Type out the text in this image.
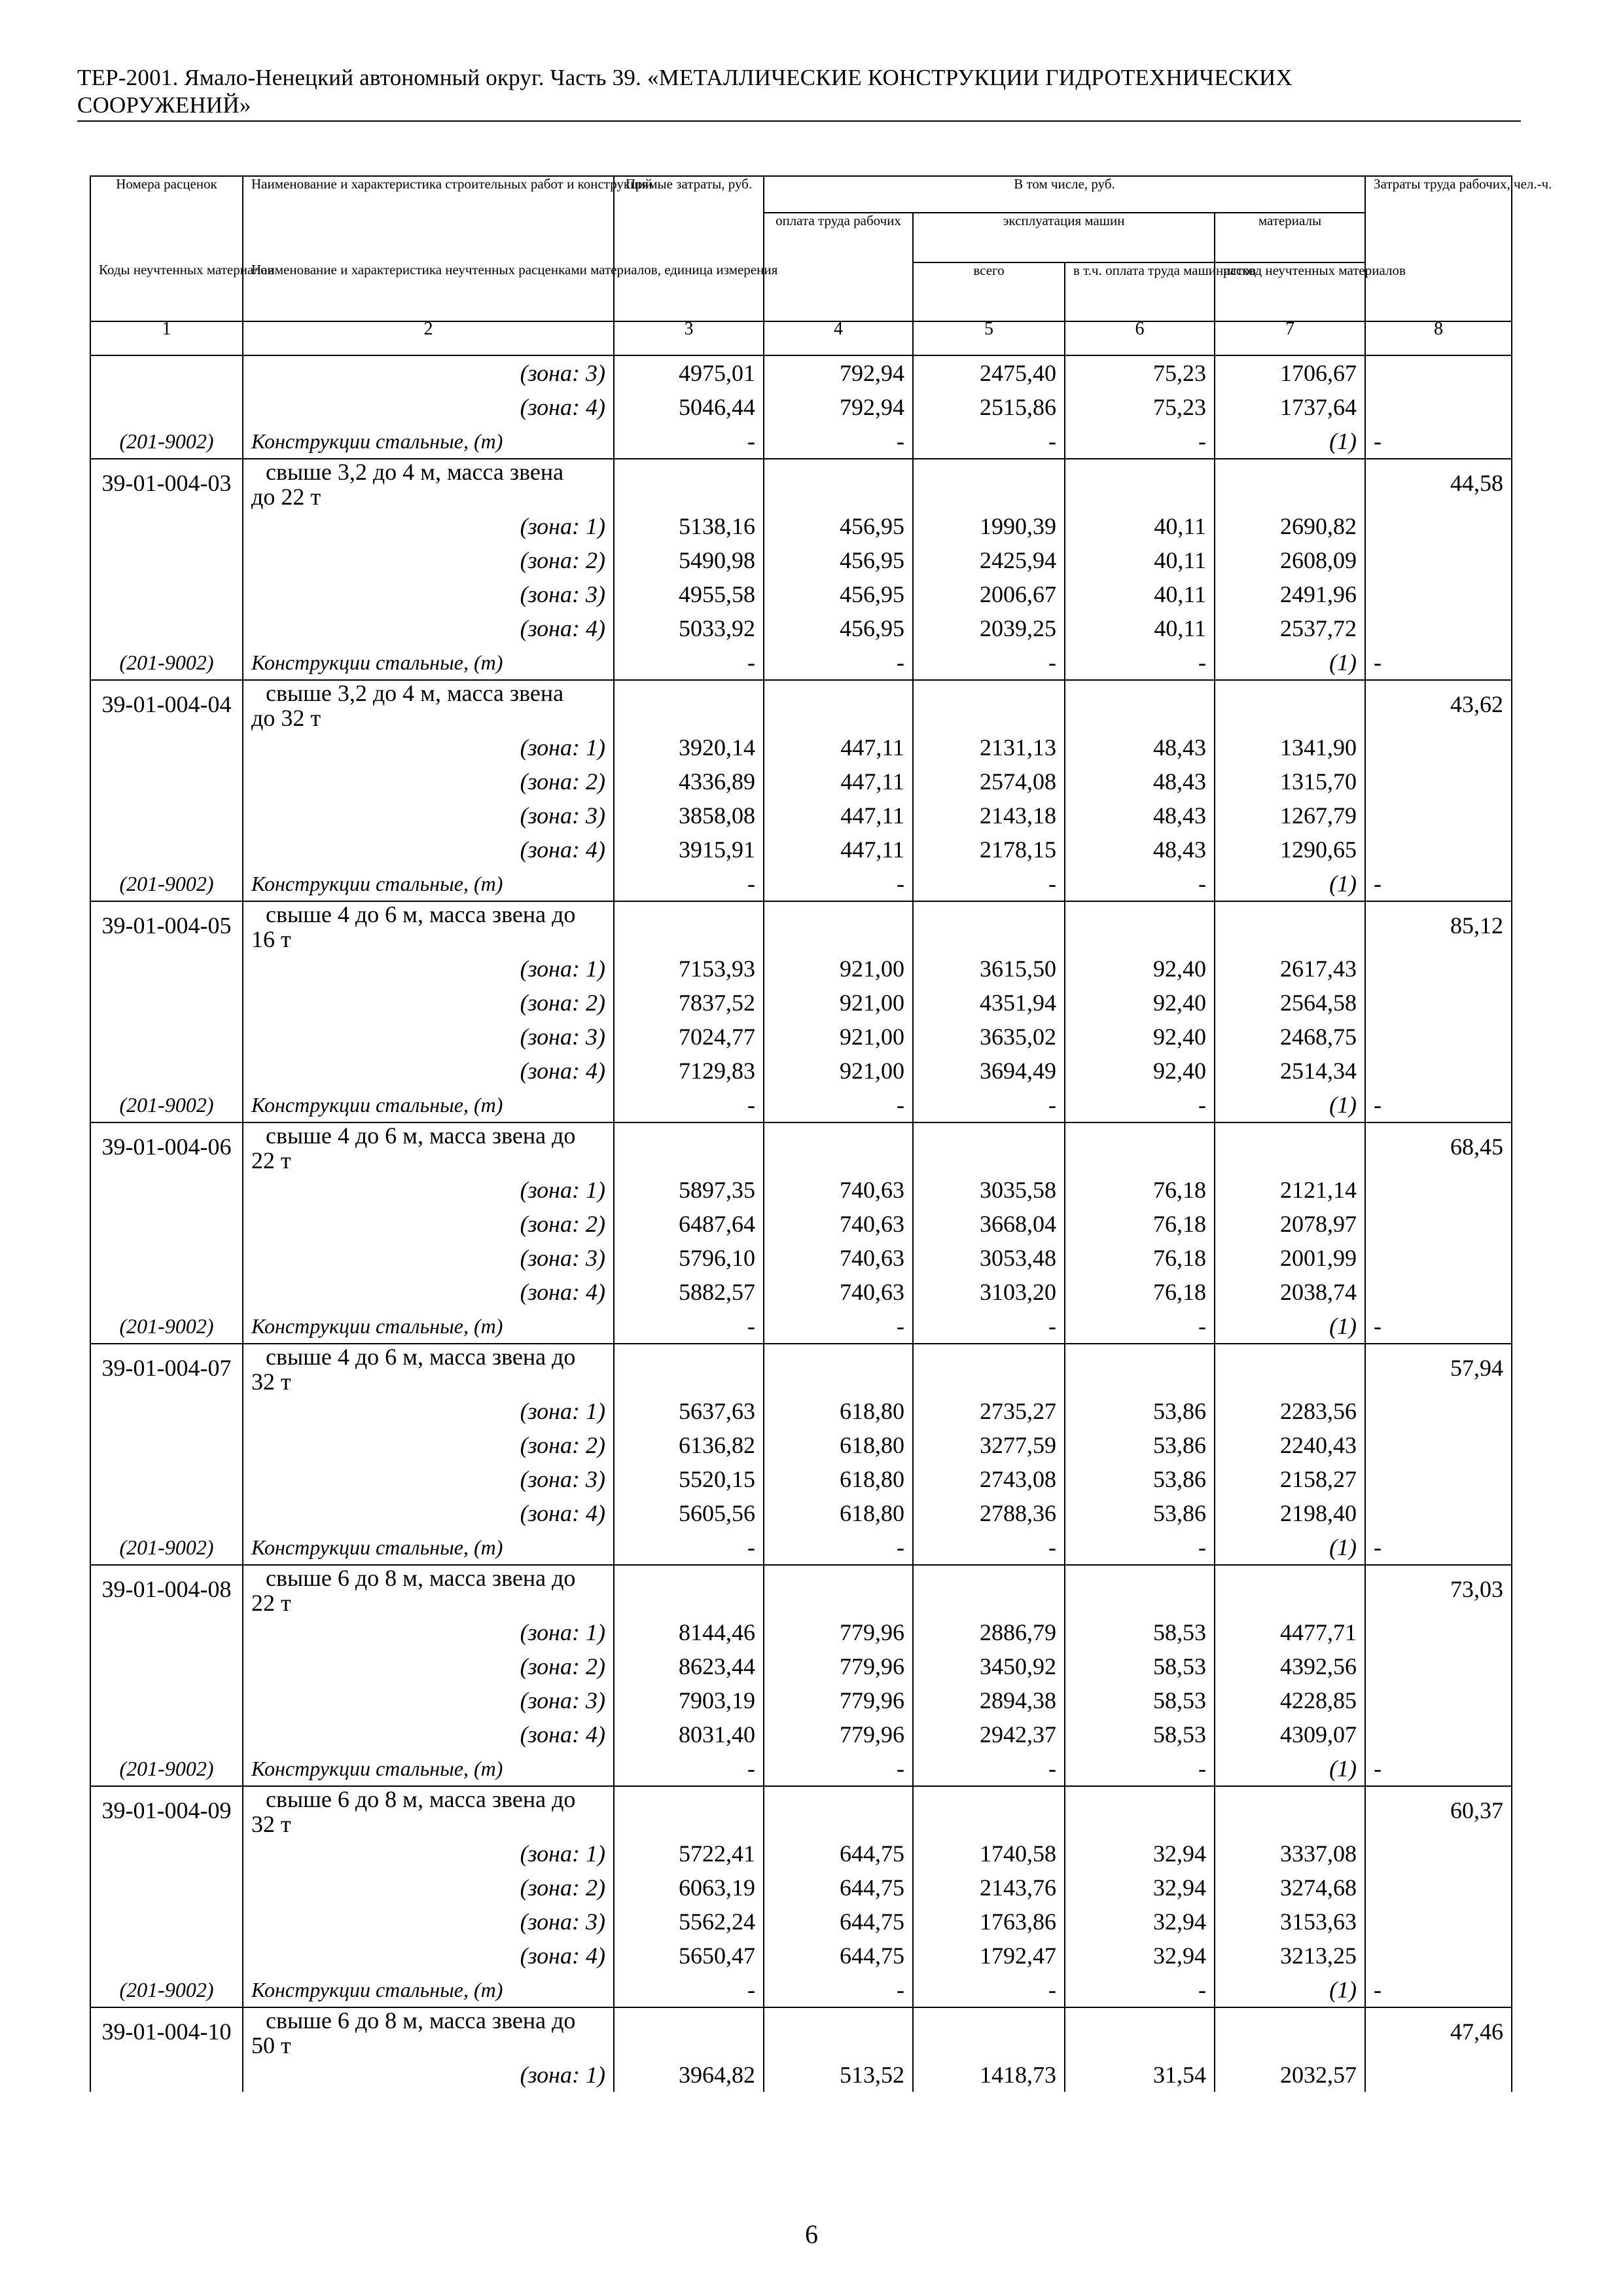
ТЕР-2001. Ямало-Ненецкий автономный округ. Часть 39. «МЕТАЛЛИЧЕСКИЕ КОНСТРУКЦИИ ГИДРОТЕХНИЧЕСКИХ
СООРУЖЕНИЙ»
Номера расценок	Наименование и характеристика строительных работ и конструкций	Прямые затраты, руб.	В том числе, руб.				Затраты труда рабочих, чел.-ч.
			оплата труда рабочих	эксплуатация машин		материалы	
Коды неучтенных материалов	Наименование и характеристика неучтенных расценками материалов, единица измерения			всего	в т.ч. оплата труда машинистов	расход неучтенных материалов	
1	2	3	4	5	6	7	8
	(зона: 3)	4975,01	792,94	2475,40	75,23	1706,67	
	(зона: 4)	5046,44	792,94	2515,86	75,23	1737,64	
(201-9002)	Конструкции стальные, (т)	-	-	-	-	(1)	-
39-01-004-03	свыше 3,2 до 4 м, масса звена
до 22 т						44,58
	(зона: 1)	5138,16	456,95	1990,39	40,11	2690,82	
	(зона: 2)	5490,98	456,95	2425,94	40,11	2608,09	
	(зона: 3)	4955,58	456,95	2006,67	40,11	2491,96	
	(зона: 4)	5033,92	456,95	2039,25	40,11	2537,72	
(201-9002)	Конструкции стальные, (т)	-	-	-	-	(1)	-
39-01-004-04	свыше 3,2 до 4 м, масса звена
до 32 т						43,62
	(зона: 1)	3920,14	447,11	2131,13	48,43	1341,90	
	(зона: 2)	4336,89	447,11	2574,08	48,43	1315,70	
	(зона: 3)	3858,08	447,11	2143,18	48,43	1267,79	
	(зона: 4)	3915,91	447,11	2178,15	48,43	1290,65	
(201-9002)	Конструкции стальные, (т)	-	-	-	-	(1)	-
39-01-004-05	свыше 4 до 6 м, масса звена до
16 т						85,12
	(зона: 1)	7153,93	921,00	3615,50	92,40	2617,43	
	(зона: 2)	7837,52	921,00	4351,94	92,40	2564,58	
	(зона: 3)	7024,77	921,00	3635,02	92,40	2468,75	
	(зона: 4)	7129,83	921,00	3694,49	92,40	2514,34	
(201-9002)	Конструкции стальные, (т)	-	-	-	-	(1)	-
39-01-004-06	свыше 4 до 6 м, масса звена до
22 т						68,45
	(зона: 1)	5897,35	740,63	3035,58	76,18	2121,14	
	(зона: 2)	6487,64	740,63	3668,04	76,18	2078,97	
	(зона: 3)	5796,10	740,63	3053,48	76,18	2001,99	
	(зона: 4)	5882,57	740,63	3103,20	76,18	2038,74	
(201-9002)	Конструкции стальные, (т)	-	-	-	-	(1)	-
39-01-004-07	свыше 4 до 6 м, масса звена до
32 т						57,94
	(зона: 1)	5637,63	618,80	2735,27	53,86	2283,56	
	(зона: 2)	6136,82	618,80	3277,59	53,86	2240,43	
	(зона: 3)	5520,15	618,80	2743,08	53,86	2158,27	
	(зона: 4)	5605,56	618,80	2788,36	53,86	2198,40	
(201-9002)	Конструкции стальные, (т)	-	-	-	-	(1)	-
39-01-004-08	свыше 6 до 8 м, масса звена до
22 т						73,03
	(зона: 1)	8144,46	779,96	2886,79	58,53	4477,71	
	(зона: 2)	8623,44	779,96	3450,92	58,53	4392,56	
	(зона: 3)	7903,19	779,96	2894,38	58,53	4228,85	
	(зона: 4)	8031,40	779,96	2942,37	58,53	4309,07	
(201-9002)	Конструкции стальные, (т)	-	-	-	-	(1)	-
39-01-004-09	свыше 6 до 8 м, масса звена до
32 т						60,37
	(зона: 1)	5722,41	644,75	1740,58	32,94	3337,08	
	(зона: 2)	6063,19	644,75	2143,76	32,94	3274,68	
	(зона: 3)	5562,24	644,75	1763,86	32,94	3153,63	
	(зона: 4)	5650,47	644,75	1792,47	32,94	3213,25	
(201-9002)	Конструкции стальные, (т)	-	-	-	-	(1)	-
39-01-004-10	свыше 6 до 8 м, масса звена до
50 т						47,46
	(зона: 1)	3964,82	513,52	1418,73	31,54	2032,57	
6
